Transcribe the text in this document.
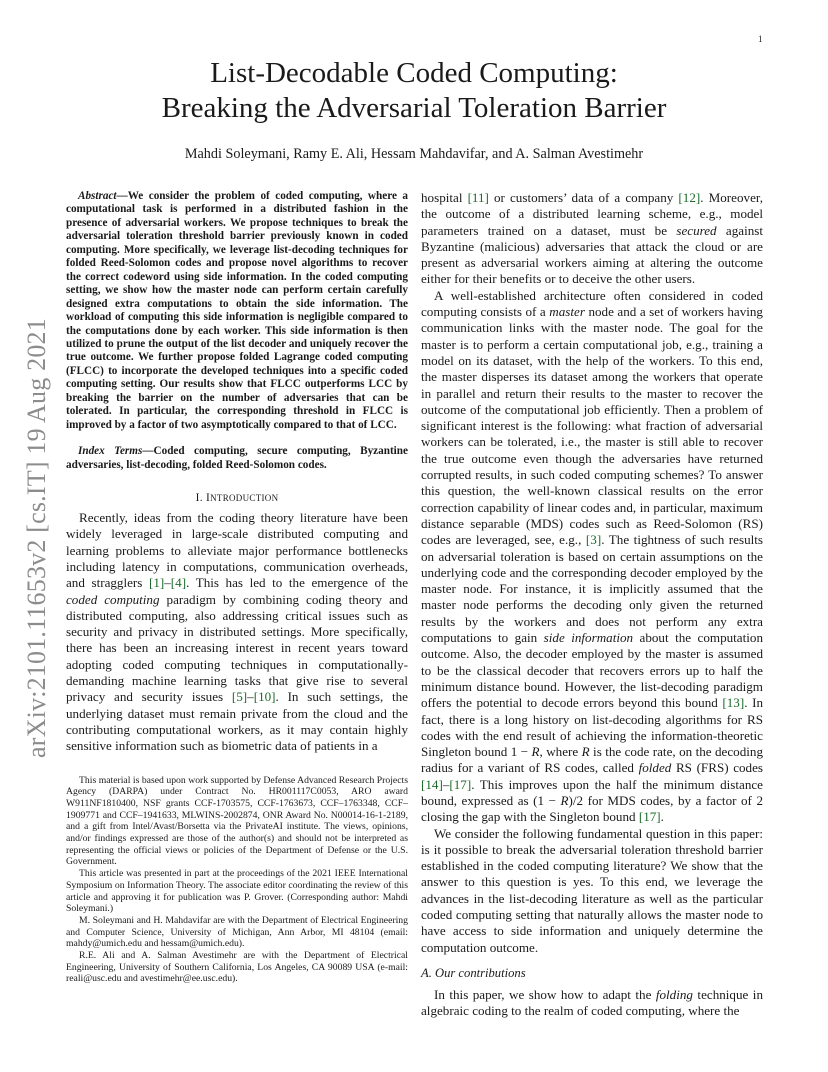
1
arXiv:2101.11653v2 [cs.IT] 19 Aug 2021
List-Decodable Coded Computing:
Breaking the Adversarial Toleration Barrier
Mahdi Soleymani, Ramy E. Ali, Hessam Mahdavifar, and A. Salman Avestimehr

Abstract—We consider the problem of coded computing, where a computational task is performed in a distributed fashion in the presence of adversarial workers. We propose techniques to break the adversarial toleration threshold barrier previously known in coded computing. More specifically, we leverage list-decoding techniques for folded Reed-Solomon codes and propose novel algorithms to recover the correct codeword using side information. In the coded computing setting, we show how the master node can perform certain carefully designed extra computations to obtain the side information. The workload of computing this side information is negligible compared to the computations done by each worker. This side information is then utilized to prune the output of the list decoder and uniquely recover the true outcome. We further propose folded Lagrange coded computing (FLCC) to incorporate the developed techniques into a specific coded computing setting. Our results show that FLCC outperforms LCC by breaking the barrier on the number of adversaries that can be tolerated. In particular, the corresponding threshold in FLCC is improved by a factor of two asymptotically compared to that of LCC.

Index Terms—Coded computing, secure computing, Byzantine adversaries, list-decoding, folded Reed-Solomon codes.

I. INTRODUCTION

Recently, ideas from the coding theory literature have been widely leveraged in large-scale distributed computing and learning problems to alleviate major performance bottlenecks including latency in computations, communication overheads, and stragglers [1]–[4]. This has led to the emergence of the coded computing paradigm by combining coding theory and distributed computing, also addressing critical issues such as security and privacy in distributed settings. More specifically, there has been an increasing interest in recent years toward adopting coded computing techniques in computationally-demanding machine learning tasks that give rise to several privacy and security issues [5]–[10]. In such settings, the underlying dataset must remain private from the cloud and the contributing computational workers, as it may contain highly sensitive information such as biometric data of patients in a

This material is based upon work supported by Defense Advanced Research Projects Agency (DARPA) under Contract No. HR001117C0053, ARO award W911NF1810400, NSF grants CCF-1703575, CCF-1763673, CCF–1763348, CCF–1909771 and CCF–1941633, MLWINS-2002874, ONR Award No. N00014-16-1-2189, and a gift from Intel/Avast/Borsetta via the PrivateAI institute. The views, opinions, and/or findings expressed are those of the author(s) and should not be interpreted as representing the official views or policies of the Department of Defense or the U.S. Government.

This article was presented in part at the proceedings of the 2021 IEEE International Symposium on Information Theory. The associate editor coordinating the review of this article and approving it for publication was P. Grover. (Corresponding author: Mahdi Soleymani.)

M. Soleymani and H. Mahdavifar are with the Department of Electrical Engineering and Computer Science, University of Michigan, Ann Arbor, MI 48104 (email: mahdy@umich.edu and hessam@umich.edu).

R.E. Ali and A. Salman Avestimehr are with the Department of Electrical Engineering, University of Southern California, Los Angeles, CA 90089 USA (e-mail: reali@usc.edu and avestimehr@ee.usc.edu).

hospital [11] or customers’ data of a company [12]. Moreover, the outcome of a distributed learning scheme, e.g., model parameters trained on a dataset, must be secured against Byzantine (malicious) adversaries that attack the cloud or are present as adversarial workers aiming at altering the outcome either for their benefits or to deceive the other users.

A well-established architecture often considered in coded computing consists of a master node and a set of workers having communication links with the master node. The goal for the master is to perform a certain computational job, e.g., training a model on its dataset, with the help of the workers. To this end, the master disperses its dataset among the workers that operate in parallel and return their results to the master to recover the outcome of the computational job efficiently. Then a problem of significant interest is the following: what fraction of adversarial workers can be tolerated, i.e., the master is still able to recover the true outcome even though the adversaries have returned corrupted results, in such coded computing schemes? To answer this question, the well-known classical results on the error correction capability of linear codes and, in particular, maximum distance separable (MDS) codes such as Reed-Solomon (RS) codes are leveraged, see, e.g., [3]. The tightness of such results on adversarial toleration is based on certain assumptions on the underlying code and the corresponding decoder employed by the master node. For instance, it is implicitly assumed that the master node performs the decoding only given the returned results by the workers and does not perform any extra computations to gain side information about the computation outcome. Also, the decoder employed by the master is assumed to be the classical decoder that recovers errors up to half the minimum distance bound. However, the list-decoding paradigm offers the potential to decode errors beyond this bound [13]. In fact, there is a long history on list-decoding algorithms for RS codes with the end result of achieving the information-theoretic Singleton bound 1 − R, where R is the code rate, on the decoding radius for a variant of RS codes, called folded RS (FRS) codes [14]–[17]. This improves upon the half the minimum distance bound, expressed as (1 − R)/2 for MDS codes, by a factor of 2 closing the gap with the Singleton bound [17].

We consider the following fundamental question in this paper: is it possible to break the adversarial toleration threshold barrier established in the coded computing literature? We show that the answer to this question is yes. To this end, we leverage the advances in the list-decoding literature as well as the particular coded computing setting that naturally allows the master node to have access to side information and uniquely determine the computation outcome.

A. Our contributions

In this paper, we show how to adapt the folding technique in algebraic coding to the realm of coded computing, where the
